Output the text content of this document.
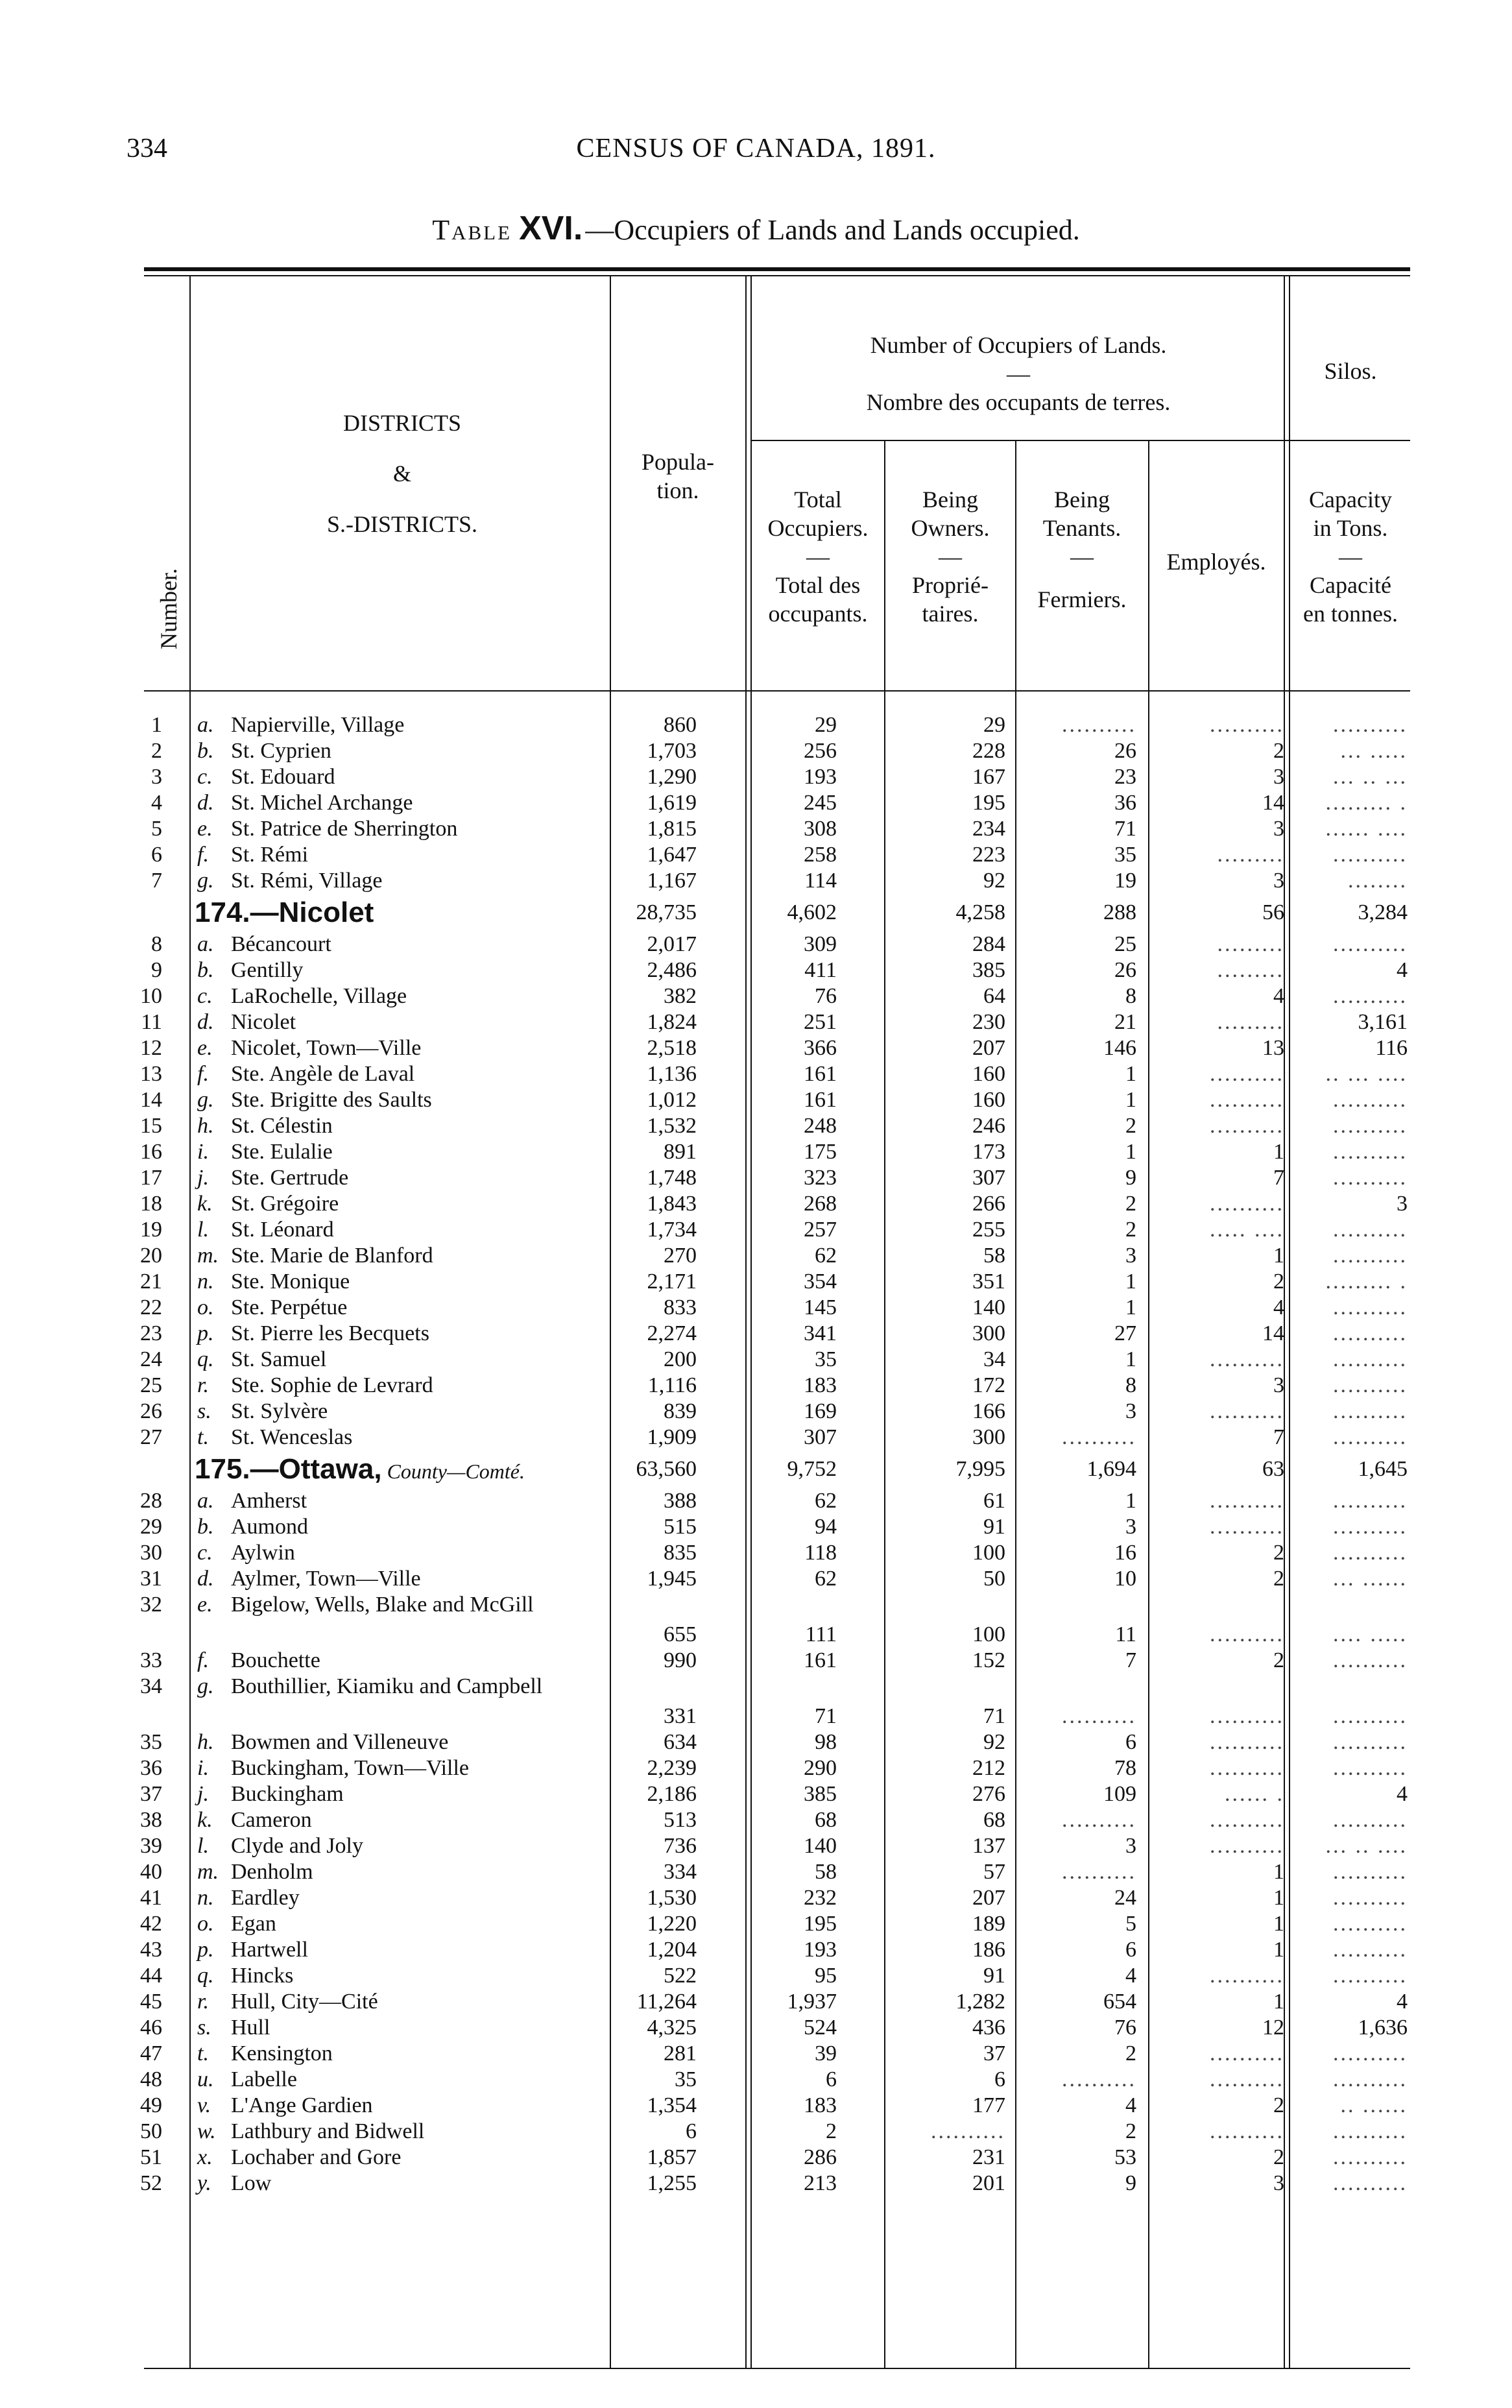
334	CENSUS OF CANADA, 1891.
Table XVI.—Occupiers of Lands and Lands occupied.
Number.
DISTRICTS
&
S.-DISTRICTS.
Popula-
tion.
Number of Occupiers of Lands.
—
Nombre des occupants de terres.
Total
Occupiers.
—
Total des
occupants.
Being
Owners.
—
Proprié-
taires.
Being
Tenants.
—
Fermiers.
Employés.
Silos.
Capacity
in Tons.
—
Capacité
en tonnes.
1 a. Napierville, Village	860	29	29	..........	..........	..........
2 b. St. Cyprien	1,703	256	228	26	2	... .....
3 c. St. Edouard	1,290	193	167	23	3	... .. ...
4 d. St. Michel Archange	1,619	245	195	36	14	......... .
5 e. St. Patrice de Sherrington	1,815	308	234	71	3	...... ....
6 f. St. Rémi	1,647	258	223	35	.........	..........
7 g. St. Rémi, Village	1,167	114	92	19	3	........
174.—Nicolet	28,735	4,602	4,258	288	56	3,284
8 a. Bécancourt	2,017	309	284	25	.........	..........
9 b. Gentilly	2,486	411	385	26	.........	4
10 c. LaRochelle, Village	382	76	64	8	4	..........
11 d. Nicolet	1,824	251	230	21	.........	3,161
12 e. Nicolet, Town—Ville	2,518	366	207	146	13	116
13 f. Ste. Angèle de Laval	1,136	161	160	1	..........	.. ... ....
14 g. Ste. Brigitte des Saults	1,012	161	160	1	..........	..........
15 h. St. Célestin	1,532	248	246	2	..........	..........
16 i. Ste. Eulalie	891	175	173	1	1	..........
17 j. Ste. Gertrude	1,748	323	307	9	7	..........
18 k. St. Grégoire	1,843	268	266	2	..........	3
19 l. St. Léonard	1,734	257	255	2	..... ....	..........
20 m. Ste. Marie de Blanford	270	62	58	3	1	..........
21 n. Ste. Monique	2,171	354	351	1	2	......... .
22 o. Ste. Perpétue	833	145	140	1	4	..........
23 p. St. Pierre les Becquets	2,274	341	300	27	14	..........
24 q. St. Samuel	200	35	34	1	..........	..........
25 r. Ste. Sophie de Levrard	1,116	183	172	8	3	..........
26 s. St. Sylvère	839	169	166	3	..........	..........
27 t. St. Wenceslas	1,909	307	300	..........	7	..........
175.—Ottawa, County—Comté.	63,560	9,752	7,995	1,694	63	1,645
28 a. Amherst	388	62	61	1	..........	..........
29 b. Aumond	515	94	91	3	..........	..........
30 c. Aylwin	835	118	100	16	2	..........
31 d. Aylmer, Town—Ville	1,945	62	50	10	2	... ......
32 e. Bigelow, Wells, Blake and McGill
655	111	100	11	..........	.... .....
33 f. Bouchette	990	161	152	7	2	..........
34 g. Bouthillier, Kiamiku and Campbell
331	71	71	..........	..........	..........
35 h. Bowmen and Villeneuve	634	98	92	6	..........	..........
36 i. Buckingham, Town—Ville	2,239	290	212	78	..........	..........
37 j. Buckingham	2,186	385	276	109	...... .	4
38 k. Cameron	513	68	68	..........	..........	..........
39 l. Clyde and Joly	736	140	137	3	..........	... .. ....
40 m. Denholm	334	58	57	..........	1	..........
41 n. Eardley	1,530	232	207	24	1	..........
42 o. Egan	1,220	195	189	5	1	..........
43 p. Hartwell	1,204	193	186	6	1	..........
44 q. Hincks	522	95	91	4	..........	..........
45 r. Hull, City—Cité	11,264	1,937	1,282	654	1	4
46 s. Hull	4,325	524	436	76	12	1,636
47 t. Kensington	281	39	37	2	..........	..........
48 u. Labelle	35	6	6	..........	..........	..........
49 v. L'Ange Gardien	1,354	183	177	4	2	.. ......
50 w. Lathbury and Bidwell	6	2	..........	2	..........	..........
51 x. Lochaber and Gore	1,857	286	231	53	2	..........
52 y. Low	1,255	213	201	9	3	..........
